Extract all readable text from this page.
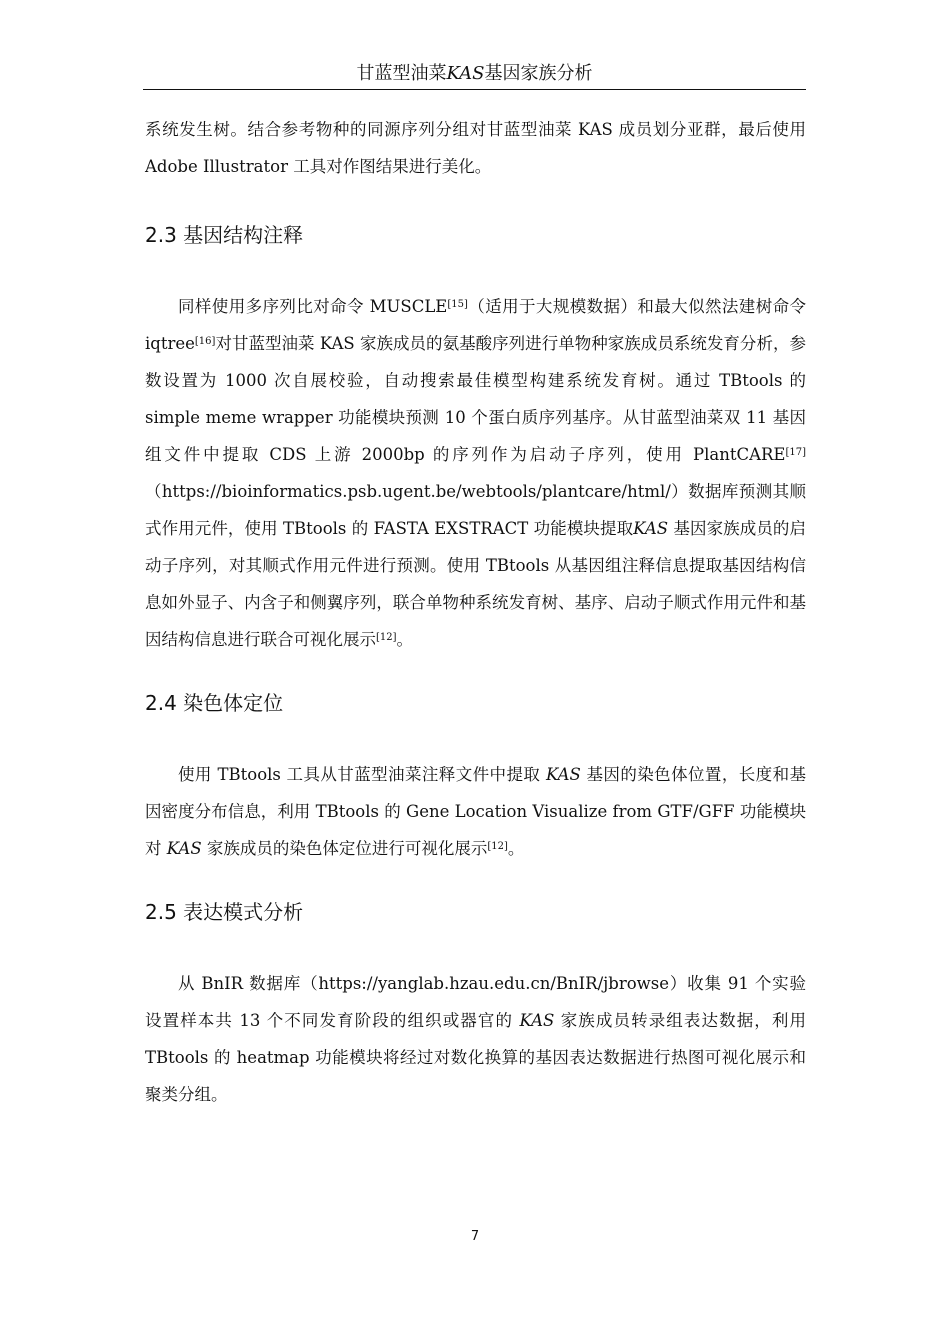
甘蓝型油菜KAS基因家族分析

系统发生树。结合参考物种的同源序列分组对甘蓝型油菜 KAS 成员划分亚群，最后使用 Adobe Illustrator 工具对作图结果进行美化。

2.3 基因结构注释

同样使用多序列比对命令 MUSCLE[15]（适用于大规模数据）和最大似然法建树命令 iqtree[16]对甘蓝型油菜 KAS 家族成员的氨基酸序列进行单物种家族成员系统发育分析，参数设置为 1000 次自展校验，自动搜索最佳模型构建系统发育树。通过 TBtools 的 simple meme wrapper 功能模块预测 10 个蛋白质序列基序。从甘蓝型油菜双 11 基因组文件中提取 CDS 上游 2000bp 的序列作为启动子序列，使用 PlantCARE[17]（https://bioinformatics.psb.ugent.be/webtools/plantcare/html/）数据库预测其顺式作用元件，使用 TBtools 的 FASTA EXSTRACT 功能模块提取KAS 基因家族成员的启动子序列，对其顺式作用元件进行预测。使用 TBtools 从基因组注释信息提取基因结构信息如外显子、内含子和侧翼序列，联合单物种系统发育树、基序、启动子顺式作用元件和基因结构信息进行联合可视化展示[12]。

2.4 染色体定位

使用 TBtools 工具从甘蓝型油菜注释文件中提取 KAS 基因的染色体位置，长度和基因密度分布信息，利用 TBtools 的 Gene Location Visualize from GTF/GFF 功能模块对 KAS 家族成员的染色体定位进行可视化展示[12]。

2.5 表达模式分析

从 BnIR 数据库（https://yanglab.hzau.edu.cn/BnIR/jbrowse）收集 91 个实验设置样本共 13 个不同发育阶段的组织或器官的 KAS 家族成员转录组表达数据，利用 TBtools 的 heatmap 功能模块将经过对数化换算的基因表达数据进行热图可视化展示和聚类分组。

7
